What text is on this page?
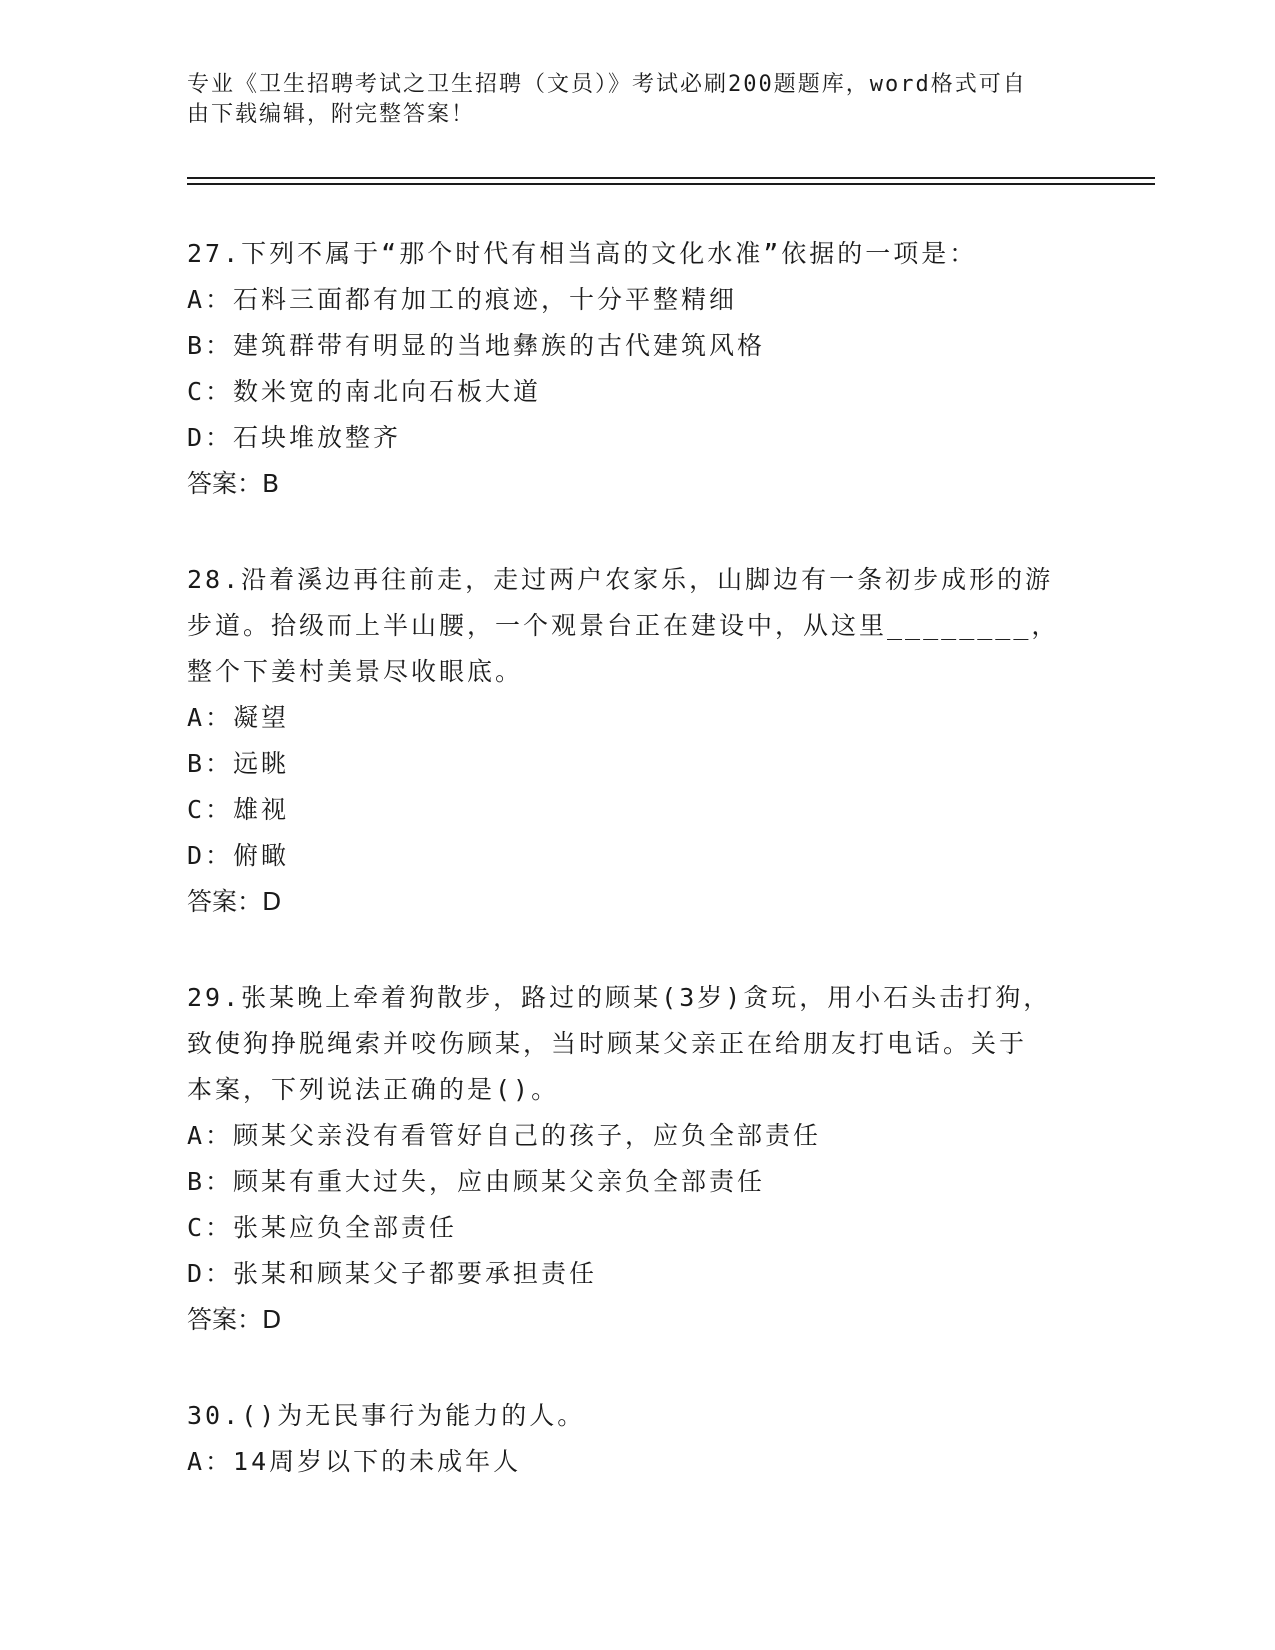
专业《卫生招聘考试之卫生招聘（文员）》考试必刷200题题库，word格式可自
由下载编辑，附完整答案！
27.下列不属于“那个时代有相当高的文化水准”依据的一项是：
A：石料三面都有加工的痕迹，十分平整精细
B：建筑群带有明显的当地彝族的古代建筑风格
C：数米宽的南北向石板大道
D：石块堆放整齐
答案：B
28.沿着溪边再往前走，走过两户农家乐，山脚边有一条初步成形的游
步道。拾级而上半山腰，一个观景台正在建设中，从这里________，
整个下姜村美景尽收眼底。
A：凝望
B：远眺
C：雄视
D：俯瞰
答案：D
29.张某晚上牵着狗散步，路过的顾某(3岁)贪玩，用小石头击打狗，
致使狗挣脱绳索并咬伤顾某，当时顾某父亲正在给朋友打电话。关于
本案，下列说法正确的是()。
A：顾某父亲没有看管好自己的孩子，应负全部责任
B：顾某有重大过失，应由顾某父亲负全部责任
C：张某应负全部责任
D：张某和顾某父子都要承担责任
答案：D
30.()为无民事行为能力的人。
A：14周岁以下的未成年人
